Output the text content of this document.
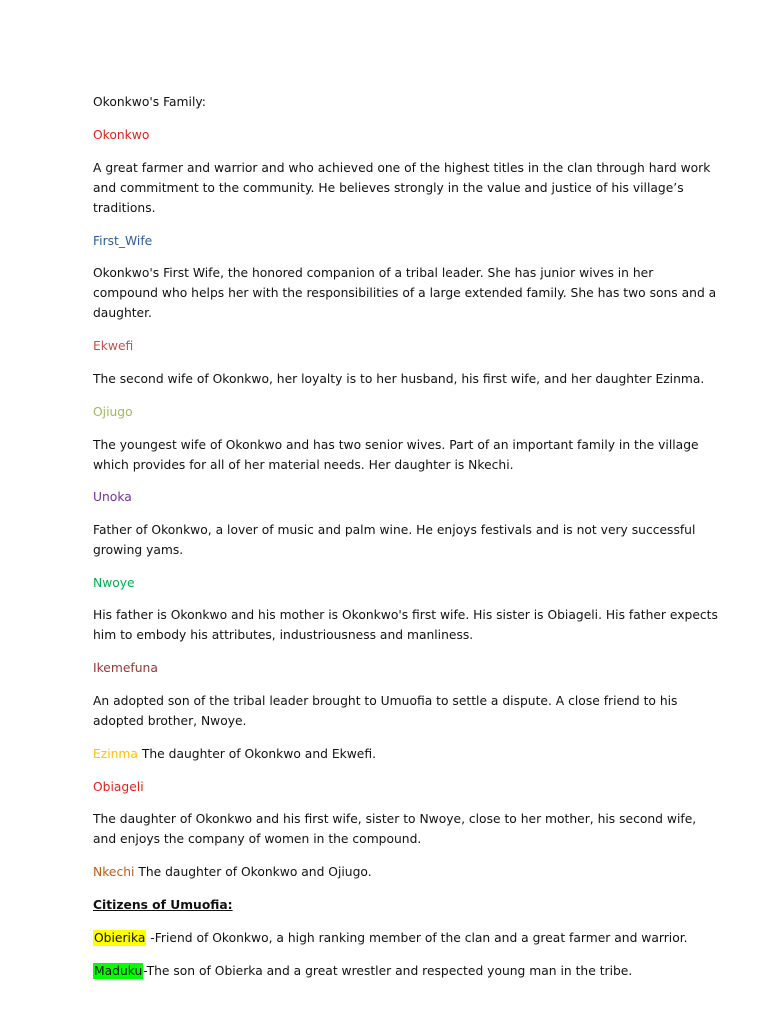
Okonkwo's Family:

Okonkwo

A great farmer and warrior and who achieved one of the highest titles in the clan through hard work

and commitment to the community. He believes strongly in the value and justice of his village’s

traditions.

First_Wife

Okonkwo's First Wife, the honored companion of a tribal leader. She has junior wives in her

compound who helps her with the responsibilities of a large extended family. She has two sons and a

daughter.

Ekwefi

The second wife of Okonkwo, her loyalty is to her husband, his first wife, and her daughter Ezinma.

Ojiugo

The youngest wife of Okonkwo and has two senior wives. Part of an important family in the village

which provides for all of her material needs. Her daughter is Nkechi.

Unoka

Father of Okonkwo, a lover of music and palm wine. He enjoys festivals and is not very successful

growing yams.

Nwoye

His father is Okonkwo and his mother is Okonkwo's first wife. His sister is Obiageli. His father expects

him to embody his attributes, industriousness and manliness.

Ikemefuna

An adopted son of the tribal leader brought to Umuofia to settle a dispute. A close friend to his

adopted brother, Nwoye.

Ezinma The daughter of Okonkwo and Ekwefi.

Obiageli

The daughter of Okonkwo and his first wife, sister to Nwoye, close to her mother, his second wife,

and enjoys the company of women in the compound.

Nkechi The daughter of Okonkwo and Ojiugo.

Citizens of Umuofia:

Obierika -Friend of Okonkwo, a high ranking member of the clan and a great farmer and warrior.

Maduku-The son of Obierka and a great wrestler and respected young man in the tribe.
